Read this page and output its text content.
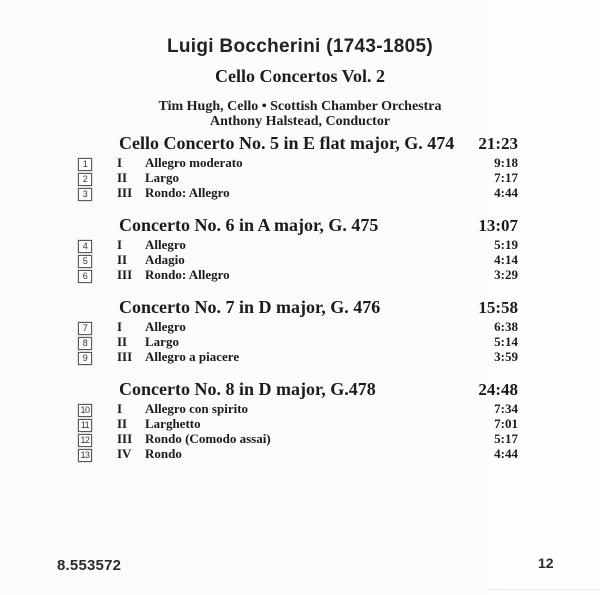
Luigi Boccherini (1743-1805)
Cello Concertos Vol. 2
Tim Hugh, Cello • Scottish Chamber Orchestra
Anthony Halstead, Conductor
Cello Concerto No. 5 in E flat major, G. 474	21:23
1	I	Allegro moderato	9:18
2	II	Largo	7:17
3	III Rondo: Allegro	4:44
Concerto No. 6 in A major, G. 475	13:07
4	I	Allegro	5:19
5	II	Adagio	4:14
6	III Rondo: Allegro	3:29
Concerto No. 7 in D major, G. 476	15:58
7	I	Allegro	6:38
8	II	Largo	5:14
9	III Allegro a piacere	3:59
Concerto No. 8 in D major, G.478	24:48
10	I	Allegro con spirito	7:34
11	II	Larghetto	7:01
12	III Rondo (Comodo assai)	5:17
13	IV	Rondo	4:44
8.553572	12
